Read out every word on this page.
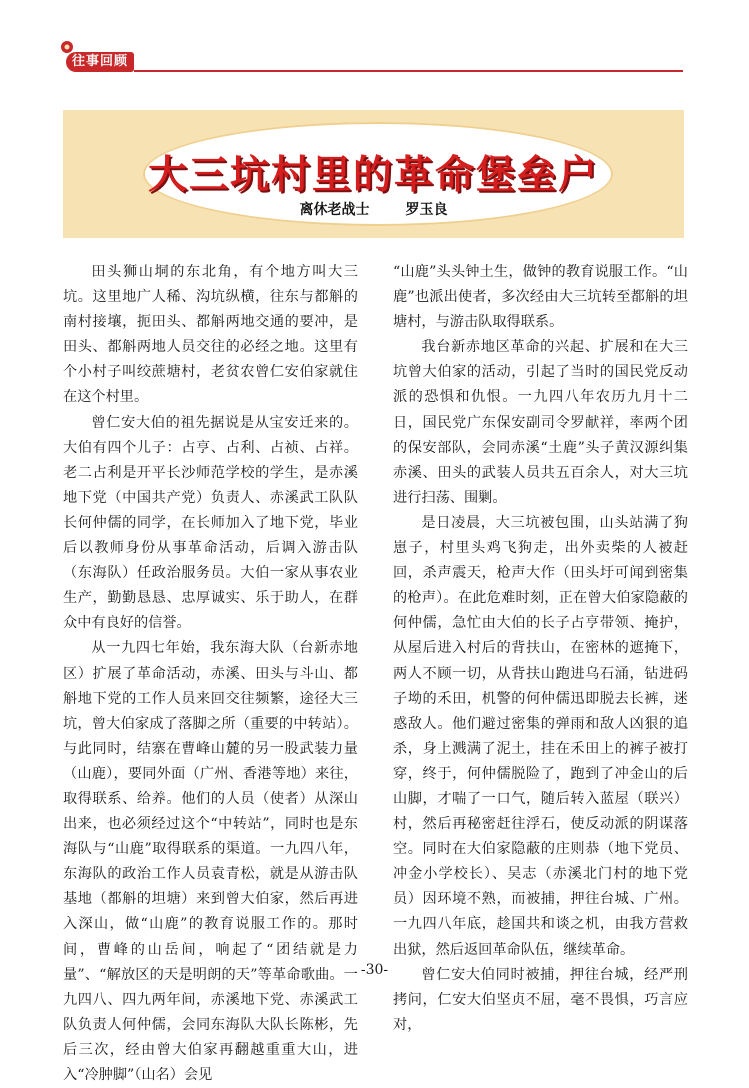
往事回顾
大三坑村里的革命堡垒户
离休老战士	罗玉良

田头狮山垌的东北角，有个地方叫大三坑。这里地广人稀、沟坑纵横，往东与都斛的南村接壤，扼田头、都斛两地交通的要冲，是田头、都斛两地人员交往的必经之地。这里有个小村子叫绞蔗塘村，老贫农曾仁安伯家就住在这个村里。

曾仁安大伯的祖先据说是从宝安迁来的。大伯有四个儿子：占亨、占利、占祯、占祥。老二占利是开平长沙师范学校的学生，是赤溪地下党（中国共产党）负责人、赤溪武工队队长何仲儒的同学，在长师加入了地下党，毕业后以教师身份从事革命活动，后调入游击队（东海队）任政治服务员。大伯一家从事农业生产，勤勤恳恳、忠厚诚实、乐于助人，在群众中有良好的信誉。

从一九四七年始，我东海大队（台新赤地区）扩展了革命活动，赤溪、田头与斗山、都斛地下党的工作人员来回交往频繁，途径大三坑，曾大伯家成了落脚之所（重要的中转站）。与此同时，结寨在曹峰山麓的另一股武装力量（山鹿），要同外面（广州、香港等地）来往，取得联系、给养。他们的人员（使者）从深山出来，也必须经过这个“中转站”，同时也是东海队与“山鹿”取得联系的渠道。一九四八年，东海队的政治工作人员袁青松，就是从游击队基地（都斛的坦塘）来到曾大伯家，然后再进入深山，做“山鹿”的教育说服工作的。那时间，曹峰的山岳间，响起了“团结就是力量”、“解放区的天是明朗的天”等革命歌曲。一九四八、四九两年间，赤溪地下党、赤溪武工队负责人何仲儒，会同东海队大队长陈彬，先后三次，经由曾大伯家再翻越重重大山，进入“冷肿脚”（山名）会见

“山鹿”头头钟土生，做钟的教育说服工作。“山鹿”也派出使者，多次经由大三坑转至都斛的坦塘村，与游击队取得联系。

我台新赤地区革命的兴起、扩展和在大三坑曾大伯家的活动，引起了当时的国民党反动派的恐惧和仇恨。一九四八年农历九月十二日，国民党广东保安副司令罗献祥，率两个团的保安部队，会同赤溪“土鹿”头子黄汉源纠集赤溪、田头的武装人员共五百余人，对大三坑进行扫荡、围剿。

是日凌晨，大三坑被包围，山头站满了狗崽子，村里头鸡飞狗走，出外卖柴的人被赶回，杀声震天，枪声大作（田头圩可闻到密集的枪声）。在此危难时刻，正在曾大伯家隐蔽的何仲儒，急忙由大伯的长子占亨带领、掩护，从屋后进入村后的背扶山，在密林的遮掩下，两人不顾一切，从背扶山跑进乌石涌，钻进码子坳的禾田，机警的何仲儒迅即脱去长裤，迷惑敌人。他们避过密集的弹雨和敌人凶狠的追杀，身上溅满了泥土，挂在禾田上的裤子被打穿，终于，何仲儒脱险了，跑到了冲金山的后山脚，才喘了一口气，随后转入蓝屋（联兴）村，然后再秘密赶往浮石，使反动派的阴谋落空。同时在大伯家隐蔽的庄则恭（地下党员、冲金小学校长）、吴志（赤溪北门村的地下党员）因环境不熟，而被捕，押往台城、广州。一九四八年底，趁国共和谈之机，由我方营救出狱，然后返回革命队伍，继续革命。

曾仁安大伯同时被捕，押往台城，经严刑拷问，仁安大伯坚贞不屈，毫不畏惧，巧言应对，

-30-
